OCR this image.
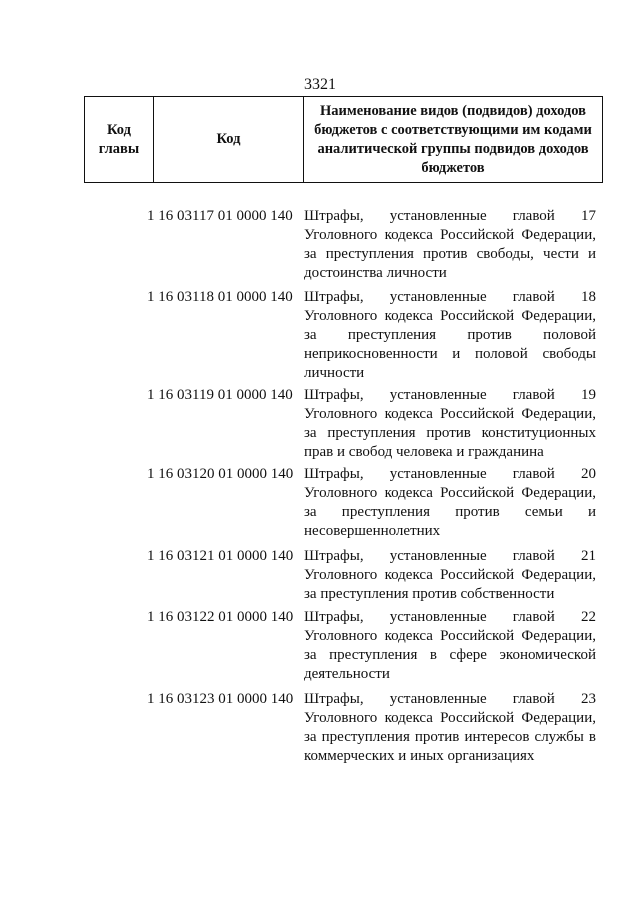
3321
Код главы	Код	Наименование видов (подвидов) доходов бюджетов с соответствующими им кодами аналитической группы подвидов доходов бюджетов
1 16 03117 01 0000 140 Штрафы, установленные главой 17 Уголовного кодекса Российской Федерации, за преступления против свободы, чести и достоинства личности
1 16 03118 01 0000 140 Штрафы, установленные главой 18 Уголовного кодекса Российской Федерации, за преступления против половой неприкосновенности и половой свободы личности
1 16 03119 01 0000 140 Штрафы, установленные главой 19 Уголовного кодекса Российской Федерации, за преступления против конституционных прав и свобод человека и гражданина
1 16 03120 01 0000 140 Штрафы, установленные главой 20 Уголовного кодекса Российской Федерации, за преступления против семьи и несовершеннолетних
1 16 03121 01 0000 140 Штрафы, установленные главой 21 Уголовного кодекса Российской Федерации, за преступления против собственности
1 16 03122 01 0000 140 Штрафы, установленные главой 22 Уголовного кодекса Российской Федерации, за преступления в сфере экономической деятельности
1 16 03123 01 0000 140 Штрафы, установленные главой 23 Уголовного кодекса Российской Федерации, за преступления против интересов службы в коммерческих и иных организациях
